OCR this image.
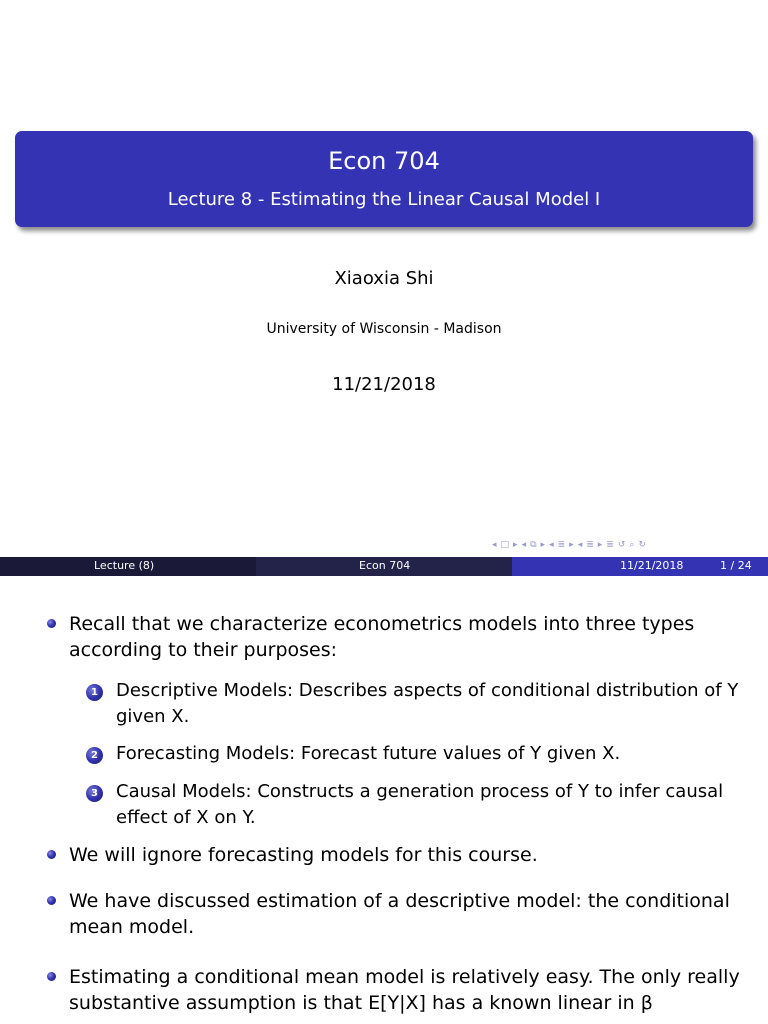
Econ 704
Lecture 8 - Estimating the Linear Causal Model I
Xiaoxia Shi
University of Wisconsin - Madison
11/21/2018
◂ □ ▸ ◂ ⧉ ▸ ◂ ≣ ▸ ◂ ≣ ▸ ≣ ↺ ⌕ ↻
Lecture (8)	Econ 704	11/21/2018	1 / 24
Recall that we characterize econometrics models into three types according to their purposes:
1 Descriptive Models: Describes aspects of conditional distribution of Y given X.
2 Forecasting Models: Forecast future values of Y given X.
3 Causal Models: Constructs a generation process of Y to infer causal effect of X on Y.
We will ignore forecasting models for this course.
We have discussed estimation of a descriptive model: the conditional mean model.
Estimating a conditional mean model is relatively easy. The only really substantive assumption is that E[Y|X] has a known linear in β
